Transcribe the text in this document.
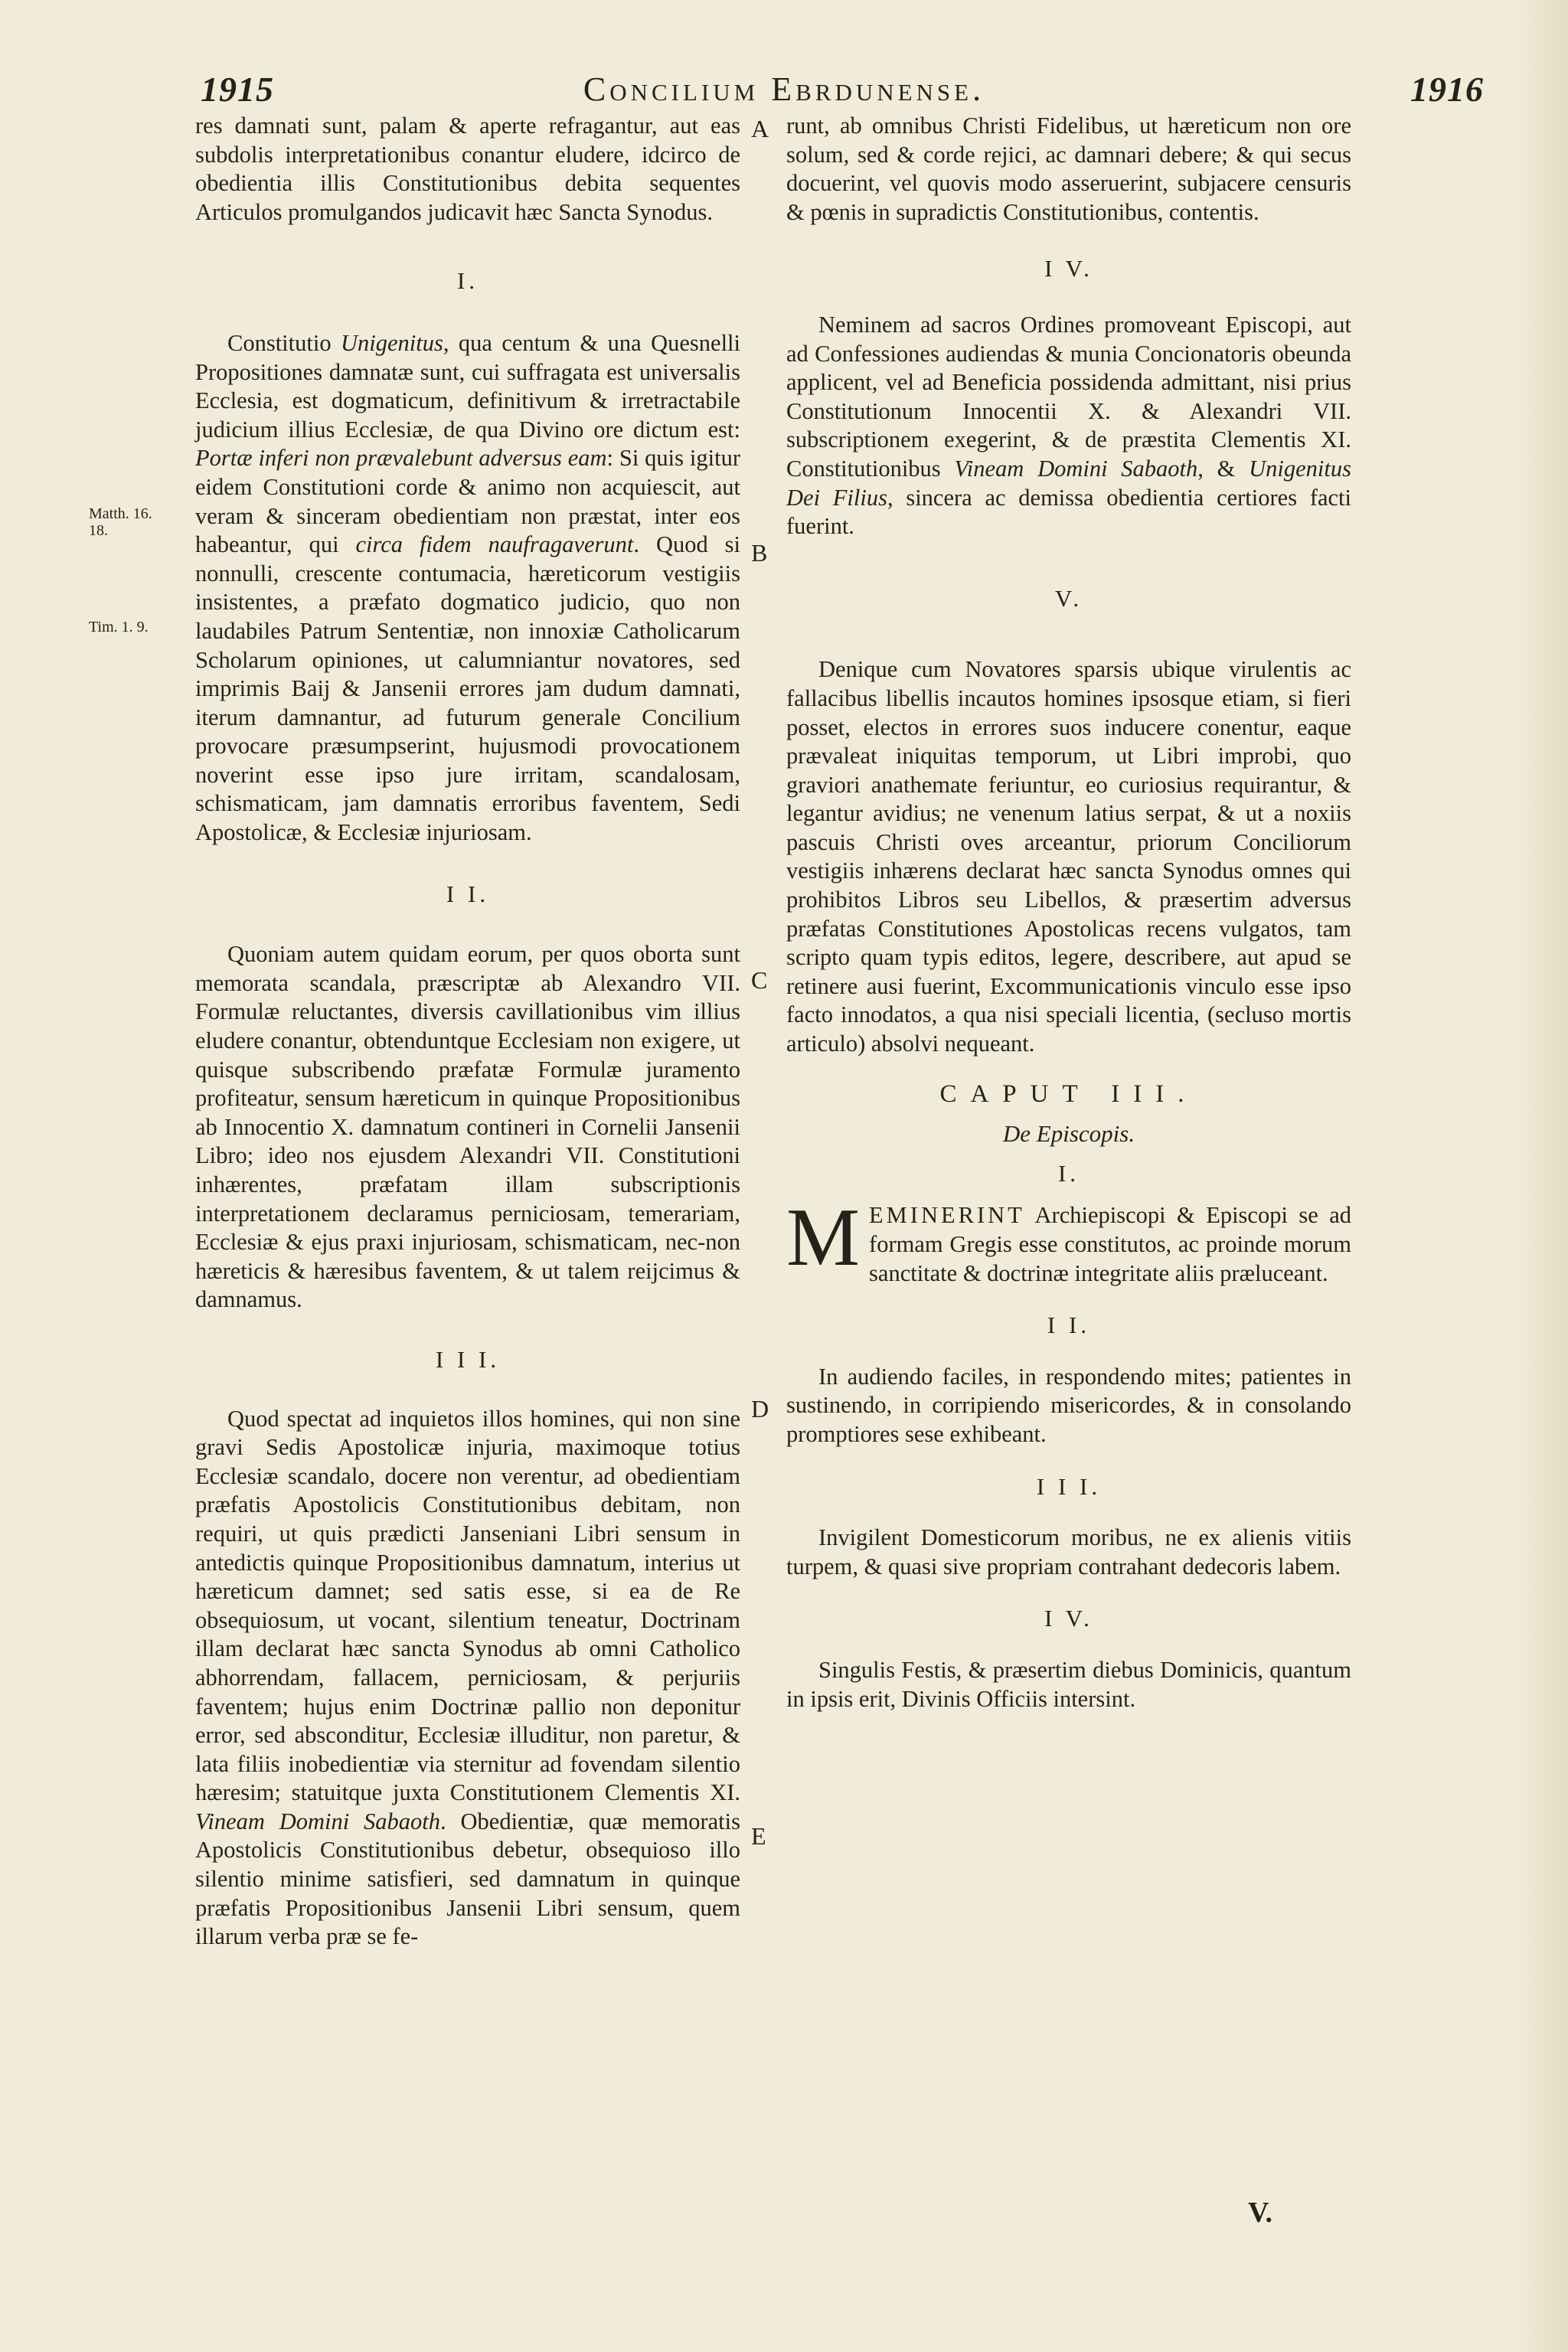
1915	Concilium Ebrdunense.	1916

res damnati sunt, palam & aperte refragantur, aut eas subdolis interpretationibus conantur eludere, idcirco de obedientia illis Constitutionibus debita sequentes Articulos promulgandos judicavit hæc Sancta Synodus.

I.

Constitutio Unigenitus, qua centum & una Quesnelli Propositiones damnatæ sunt, cui suffragata est universalis Ecclesia, est dogmaticum, definitivum & irretractabile judicium illius Ecclesiæ, de qua Divino ore dictum est: Portæ inferi non prævalebunt adversus eam: Si quis igitur eidem Constitutioni corde & animo non acquiescit, aut veram & sinceram obedientiam non præstat, inter eos habeantur, qui circa fidem naufragaverunt. Quod si nonnulli, crescente contumacia, hæreticorum vestigiis insistentes, a præfato dogmatico judicio, quo non laudabiles Patrum Sententiæ, non innoxiæ Catholicarum Scholarum opiniones, ut calumniantur novatores, sed imprimis Baij & Jansenii errores jam dudum damnati, iterum damnantur, ad futurum generale Concilium provocare præsumpserint, hujusmodi provocationem noverint esse ipso jure irritam, scandalosam, schismaticam, jam damnatis erroribus faventem, Sedi Apostolicæ, & Ecclesiæ injuriosam.

I I.

Quoniam autem quidam eorum, per quos oborta sunt memorata scandala, præscriptæ ab Alexandro VII. Formulæ reluctantes, diversis cavillationibus vim illius eludere conantur, obtenduntque Ecclesiam non exigere, ut quisque subscribendo præfatæ Formulæ juramento profiteatur, sensum hæreticum in quinque Propositionibus ab Innocentio X. damnatum contineri in Cornelii Jansenii Libro; ideo nos ejusdem Alexandri VII. Constitutioni inhærentes, præfatam illam subscriptionis interpretationem declaramus perniciosam, temerariam, Ecclesiæ & ejus praxi injuriosam, schismaticam, nec-non hæreticis & hæresibus faventem, & ut talem reijcimus & damnamus.

I I I.

Quod spectat ad inquietos illos homines, qui non sine gravi Sedis Apostolicæ injuria, maximoque totius Ecclesiæ scandalo, docere non verentur, ad obedientiam præfatis Apostolicis Constitutionibus debitam, non requiri, ut quis prædicti Janseniani Libri sensum in antedictis quinque Propositionibus damnatum, interius ut hæreticum damnet; sed satis esse, si ea de Re obsequiosum, ut vocant, silentium teneatur, Doctrinam illam declarat hæc sancta Synodus ab omni Catholico abhorrendam, fallacem, perniciosam, & perjuriis faventem; hujus enim Doctrinæ pallio non deponitur error, sed absconditur, Ecclesiæ illuditur, non paretur, & lata filiis inobedientiæ via sternitur ad fovendam silentio hæresim; statuitque juxta Constitutionem Clementis XI. Vineam Domini Sabaoth. Obedientiæ, quæ memoratis Apostolicis Constitutionibus debetur, obsequioso illo silentio minime satisfieri, sed damnatum in quinque præfatis Propositionibus Jansenii Libri sensum, quem illarum verba præ se fe-

Matth. 16.
18.
Tim. 1. 9.
A
B
C
D
E

runt, ab omnibus Christi Fidelibus, ut hæreticum non ore solum, sed & corde rejici, ac damnari debere; & qui secus docuerint, vel quovis modo asseruerint, subjacere censuris & pœnis in supradictis Constitutionibus, contentis.

I V.

Neminem ad sacros Ordines promoveant Episcopi, aut ad Confessiones audiendas & munia Concionatoris obeunda applicent, vel ad Beneficia possidenda admittant, nisi prius Constitutionum Innocentii X. & Alexandri VII. subscriptionem exegerint, & de præstita Clementis XI. Constitutionibus Vineam Domini Sabaoth, & Unigenitus Dei Filius, sincera ac demissa obedientia certiores facti fuerint.

V.

Denique cum Novatores sparsis ubique virulentis ac fallacibus libellis incautos homines ipsosque etiam, si fieri posset, electos in errores suos inducere conentur, eaque prævaleat iniquitas temporum, ut Libri improbi, quo graviori anathemate feriuntur, eo curiosius requirantur, & legantur avidius; ne venenum latius serpat, & ut a noxiis pascuis Christi oves arceantur, priorum Conciliorum vestigiis inhærens declarat hæc sancta Synodus omnes qui prohibitos Libros seu Libellos, & præsertim adversus præfatas Constitutiones Apostolicas recens vulgatos, tam scripto quam typis editos, legere, describere, aut apud se retinere ausi fuerint, Excommunicationis vinculo esse ipso facto innodatos, a qua nisi speciali licentia, (secluso mortis articulo) absolvi nequeant.

CAPUT III.
De Episcopis.
I.
M EMINERINT Archiepiscopi & Episcopi se ad formam Gregis esse constitutos, ac proinde morum sanctitate & doctrinæ integritate aliis præluceant.

I I.

In audiendo faciles, in respondendo mites; patientes in sustinendo, in corripiendo misericordes, & in consolando promptiores sese exhibeant.

I I I.

Invigilent Domesticorum moribus, ne ex alienis vitiis turpem, & quasi sive propriam contrahant dedecoris labem.

I V.

Singulis Festis, & præsertim diebus Dominicis, quantum in ipsis erit, Divinis Officiis intersint.

V.
